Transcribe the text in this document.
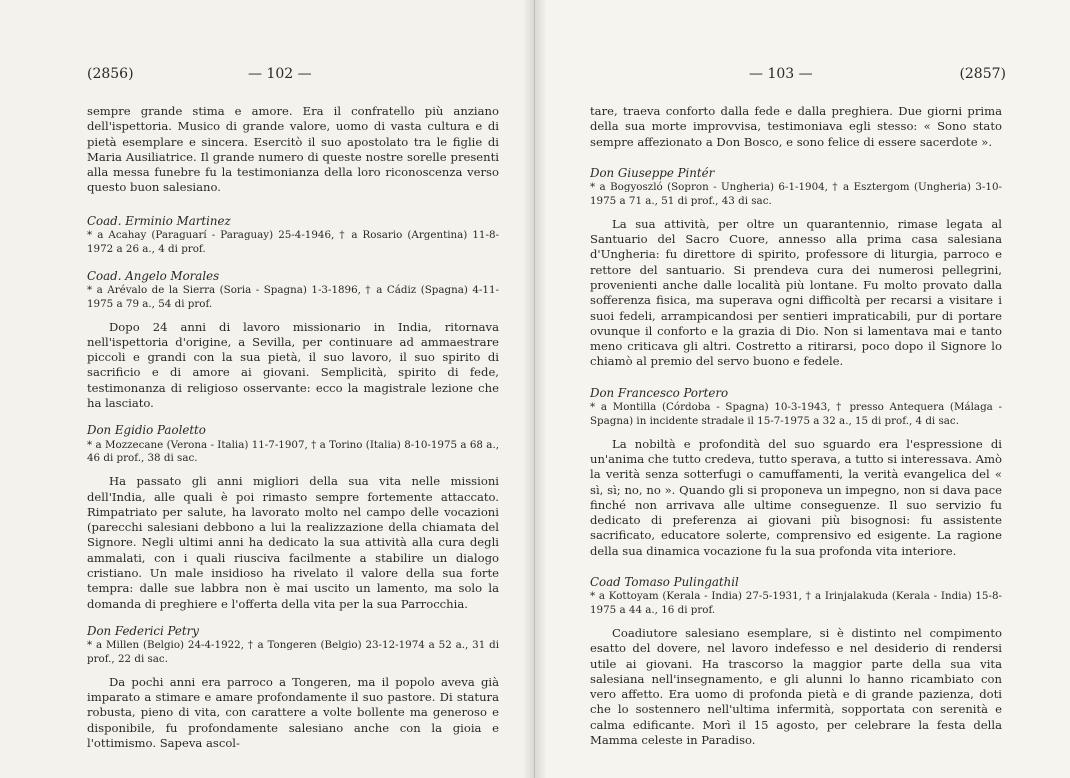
(2856)	— 102 —

sempre grande stima e amore. Era il confratello più anziano dell'ispettoria. Musico di grande valore, uomo di vasta cultura e di pietà esemplare e sincera. Esercitò il suo apostolato tra le figlie di Maria Ausiliatrice. Il grande numero di queste nostre sorelle presenti alla messa funebre fu la testimonianza della loro riconoscenza verso questo buon salesiano.

Coad. Erminio Martinez
* a Acahay (Paraguarí - Paraguay) 25-4-1946, † a Rosario (Argentina) 11-8-1972 a 26 a., 4 di prof.
Coad. Angelo Morales
* a Arévalo de la Sierra (Soria - Spagna) 1-3-1896, † a Cádiz (Spagna) 4-11-1975 a 79 a., 54 di prof.

Dopo 24 anni di lavoro missionario in India, ritornava nell'ispettoria d'origine, a Sevilla, per continuare ad ammaestrare piccoli e grandi con la sua pietà, il suo lavoro, il suo spirito di sacrificio e di amore ai giovani. Semplicità, spirito di fede, testimonanza di religioso osservante: ecco la magistrale lezione che ha lasciato.

Don Egidio Paoletto
* a Mozzecane (Verona - Italia) 11-7-1907, † a Torino (Italia) 8-10-1975 a 68 a., 46 di prof., 38 di sac.

Ha passato gli anni migliori della sua vita nelle missioni dell'India, alle quali è poi rimasto sempre fortemente attaccato. Rimpatriato per salute, ha lavorato molto nel campo delle vocazioni (parecchi salesiani debbono a lui la realizzazione della chiamata del Signore. Negli ultimi anni ha dedicato la sua attività alla cura degli ammalati, con i quali riusciva facilmente a stabilire un dialogo cristiano. Un male insidioso ha rivelato il valore della sua forte tempra: dalle sue labbra non è mai uscito un lamento, ma solo la domanda di preghiere e l'offerta della vita per la sua Parrocchia.

Don Federici Petry
* a Millen (Belgio) 24-4-1922, † a Tongeren (Belgio) 23-12-1974 a 52 a., 31 di prof., 22 di sac.

Da pochi anni era parroco a Tongeren, ma il popolo aveva già imparato a stimare e amare profondamente il suo pastore. Di statura robusta, pieno di vita, con carattere a volte bollente ma generoso e disponibile, fu profondamente salesiano anche con la gioia e l'ottimismo. Sapeva ascol-

— 103 —	(2857)

tare, traeva conforto dalla fede e dalla preghiera. Due giorni prima della sua morte improvvisa, testimoniava egli stesso: « Sono stato sempre affezionato a Don Bosco, e sono felice di essere sacerdote ».

Don Giuseppe Pintér
* a Bogyoszló (Sopron - Ungheria) 6-1-1904, † a Esztergom (Ungheria) 3-10-1975 a 71 a., 51 di prof., 43 di sac.

La sua attività, per oltre un quarantennio, rimase legata al Santuario del Sacro Cuore, annesso alla prima casa salesiana d'Ungheria: fu direttore di spirito, professore di liturgia, parroco e rettore del santuario. Si prendeva cura dei numerosi pellegrini, provenienti anche dalle località più lontane. Fu molto provato dalla sofferenza fisica, ma superava ogni difficoltà per recarsi a visitare i suoi fedeli, arrampicandosi per sentieri impraticabili, pur di portare ovunque il conforto e la grazia di Dio. Non si lamentava mai e tanto meno criticava gli altri. Costretto a ritirarsi, poco dopo il Signore lo chiamò al premio del servo buono e fedele.

Don Francesco Portero
* a Montilla (Córdoba - Spagna) 10-3-1943, † presso Antequera (Málaga - Spagna) in incidente stradale il 15-7-1975 a 32 a., 15 di prof., 4 di sac.

La nobiltà e profondità del suo sguardo era l'espressione di un'anima che tutto credeva, tutto sperava, a tutto si interessava. Amò la verità senza sotterfugi o camuffamenti, la verità evangelica del « sì, sì; no, no ». Quando gli si proponeva un impegno, non si dava pace finché non arrivava alle ultime conseguenze. Il suo servizio fu dedicato di preferenza ai giovani più bisognosi: fu assistente sacrificato, educatore solerte, comprensivo ed esigente. La ragione della sua dinamica vocazione fu la sua profonda vita interiore.

Coad Tomaso Pulingathil
* a Kottoyam (Kerala - India) 27-5-1931, † a Irinjalakuda (Kerala - India) 15-8-1975 a 44 a., 16 di prof.

Coadiutore salesiano esemplare, si è distinto nel compimento esatto del dovere, nel lavoro indefesso e nel desiderio di rendersi utile ai giovani. Ha trascorso la maggior parte della sua vita salesiana nell'insegnamento, e gli alunni lo hanno ricambiato con vero affetto. Era uomo di profonda pietà e di grande pazienza, doti che lo sostennero nell'ultima infermità, sopportata con serenità e calma edificante. Morì il 15 agosto, per celebrare la festa della Mamma celeste in Paradiso.
